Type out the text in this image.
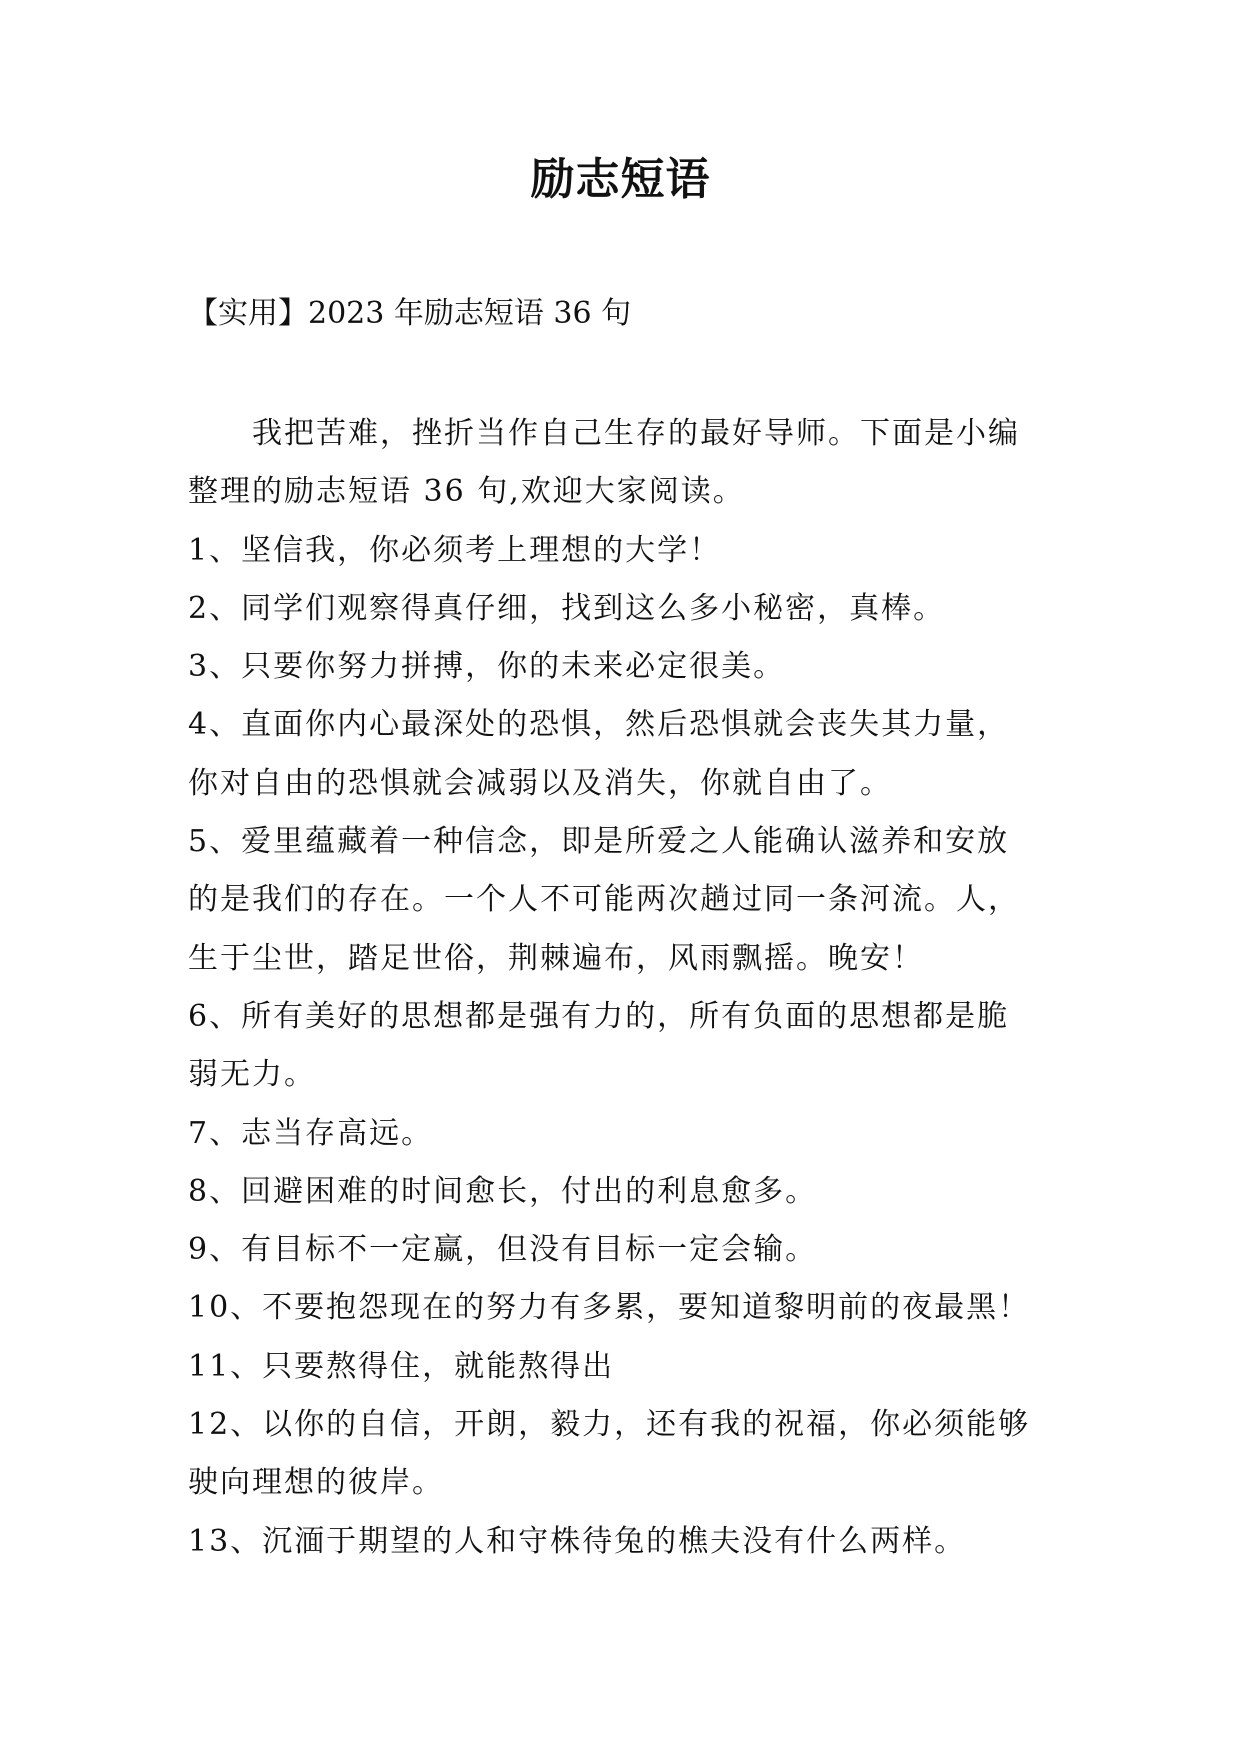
励志短语
【实用】2023 年励志短语 36 句
我把苦难，挫折当作自己生存的最好导师。下面是小编
整理的励志短语 36 句,欢迎大家阅读。
1、坚信我，你必须考上理想的大学！
2、同学们观察得真仔细，找到这么多小秘密，真棒。
3、只要你努力拼搏，你的未来必定很美。
4、直面你内心最深处的恐惧，然后恐惧就会丧失其力量，
你对自由的恐惧就会减弱以及消失，你就自由了。
5、爱里蕴藏着一种信念，即是所爱之人能确认滋养和安放
的是我们的存在。一个人不可能两次趟过同一条河流。人，
生于尘世，踏足世俗，荆棘遍布，风雨飘摇。晚安！
6、所有美好的思想都是强有力的，所有负面的思想都是脆
弱无力。
7、志当存高远。
8、回避困难的时间愈长，付出的利息愈多。
9、有目标不一定赢，但没有目标一定会输。
10、不要抱怨现在的努力有多累，要知道黎明前的夜最黑！
11、只要熬得住，就能熬得出
12、以你的自信，开朗，毅力，还有我的祝福，你必须能够
驶向理想的彼岸。
13、沉湎于期望的人和守株待兔的樵夫没有什么两样。
